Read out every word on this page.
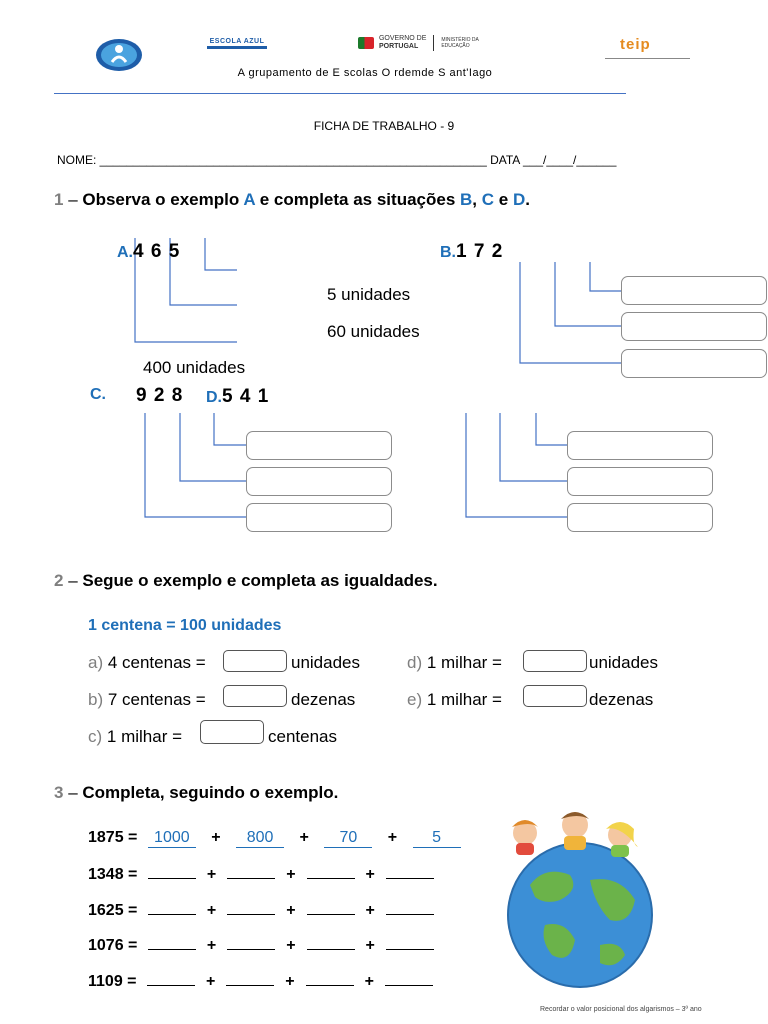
ESCOLA AZUL	GOVERNO DE
PORTUGAL  MINISTÉRIO DA EDUCAÇÃO	teip
A grupamento de E scolas O rdemde S ant'Iago
FICHA DE TRABALHO - 9
NOME: __________________________________________________________ DATA ___/____/______
1 – Observa o exemplo A e completa as situações B, C e D.
A.4 6 5
5 unidades
60 unidades
400 unidades
B.1 7 2
C. 9 2 8 D.5 4 1
2 – Segue o exemplo e completa as igualdades.
1 centena = 100 unidades
a) 4 centenas =	unidades
b) 7 centenas =	dezenas
c) 1 milhar =	centenas
d) 1 milhar =	unidades
e) 1 milhar =	dezenas
3 – Completa, seguindo o exemplo.
1875 = 1000 + 800 + 70 + 5
1348 =	+	+	+
1625 =	+	+	+
1076 =	+	+	+
1109 =	+	+	+
Recordar o valor posicional dos algarismos – 3º ano
